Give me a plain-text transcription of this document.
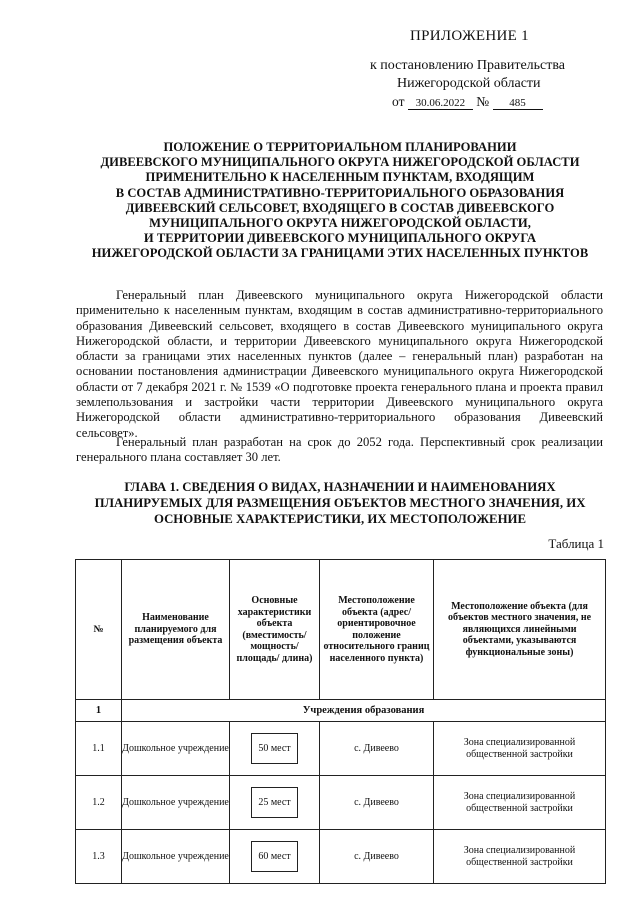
ПРИЛОЖЕНИЕ 1
к постановлению Правительства
Нижегородской области
от 30.06.2022 № 485
ПОЛОЖЕНИЕ О ТЕРРИТОРИАЛЬНОМ ПЛАНИРОВАНИИ
ДИВЕЕВСКОГО МУНИЦИПАЛЬНОГО ОКРУГА НИЖЕГОРОДСКОЙ ОБЛАСТИ
ПРИМЕНИТЕЛЬНО К НАСЕЛЕННЫМ ПУНКТАМ, ВХОДЯЩИМ
В СОСТАВ АДМИНИСТРАТИВНО-ТЕРРИТОРИАЛЬНОГО ОБРАЗОВАНИЯ
ДИВЕЕВСКИЙ СЕЛЬСОВЕТ, ВХОДЯЩЕГО В СОСТАВ ДИВЕЕВСКОГО
МУНИЦИПАЛЬНОГО ОКРУГА НИЖЕГОРОДСКОЙ ОБЛАСТИ,
И ТЕРРИТОРИИ ДИВЕЕВСКОГО МУНИЦИПАЛЬНОГО ОКРУГА
НИЖЕГОРОДСКОЙ ОБЛАСТИ ЗА ГРАНИЦАМИ ЭТИХ НАСЕЛЕННЫХ ПУНКТОВ

Генеральный план Дивеевского муниципального округа Нижегородской области применительно к населенным пунктам, входящим в состав административно-территориального образования Дивеевский сельсовет, входящего в состав Дивеевского муниципального округа Нижегородской области, и территории Дивеевского муниципального округа Нижегородской области за границами этих населенных пунктов (далее – генеральный план) разработан на основании постановления администрации Дивеевского муниципального округа Нижегородской области от 7 декабря 2021 г. № 1539 «О подготовке проекта генерального плана и проекта правил землепользования и застройки части территории Дивеевского муниципального округа Нижегородской области административно-территориального образования Дивеевский сельсовет».

Генеральный план разработан на срок до 2052 года. Перспективный срок реализации генерального плана составляет 30 лет.

ГЛАВА 1. СВЕДЕНИЯ О ВИДАХ, НАЗНАЧЕНИИ И НАИМЕНОВАНИЯХ
ПЛАНИРУЕМЫХ ДЛЯ РАЗМЕЩЕНИЯ ОБЪЕКТОВ МЕСТНОГО ЗНАЧЕНИЯ, ИХ
ОСНОВНЫЕ ХАРАКТЕРИСТИКИ, ИХ МЕСТОПОЛОЖЕНИЕ
Таблица 1
№	Наименование планируемого для размещения объекта	Основные характеристики объекта (вместимость/ мощность/ площадь/ длина)	Местоположение объекта (адрес/ориентировочное положение относительного границ населенного пункта)	Местоположение объекта (для объектов местного значения, не являющихся линейными объектами, указываются функциональные зоны)
1	Учреждения образования			
1.1	Дошкольное учреждение	50 мест	с. Дивеево	Зона специализированной общественной застройки
1.2	Дошкольное учреждение	25 мест	с. Дивеево	Зона специализированной общественной застройки
1.3	Дошкольное учреждение	60 мест	с. Дивеево	Зона специализированной общественной застройки
